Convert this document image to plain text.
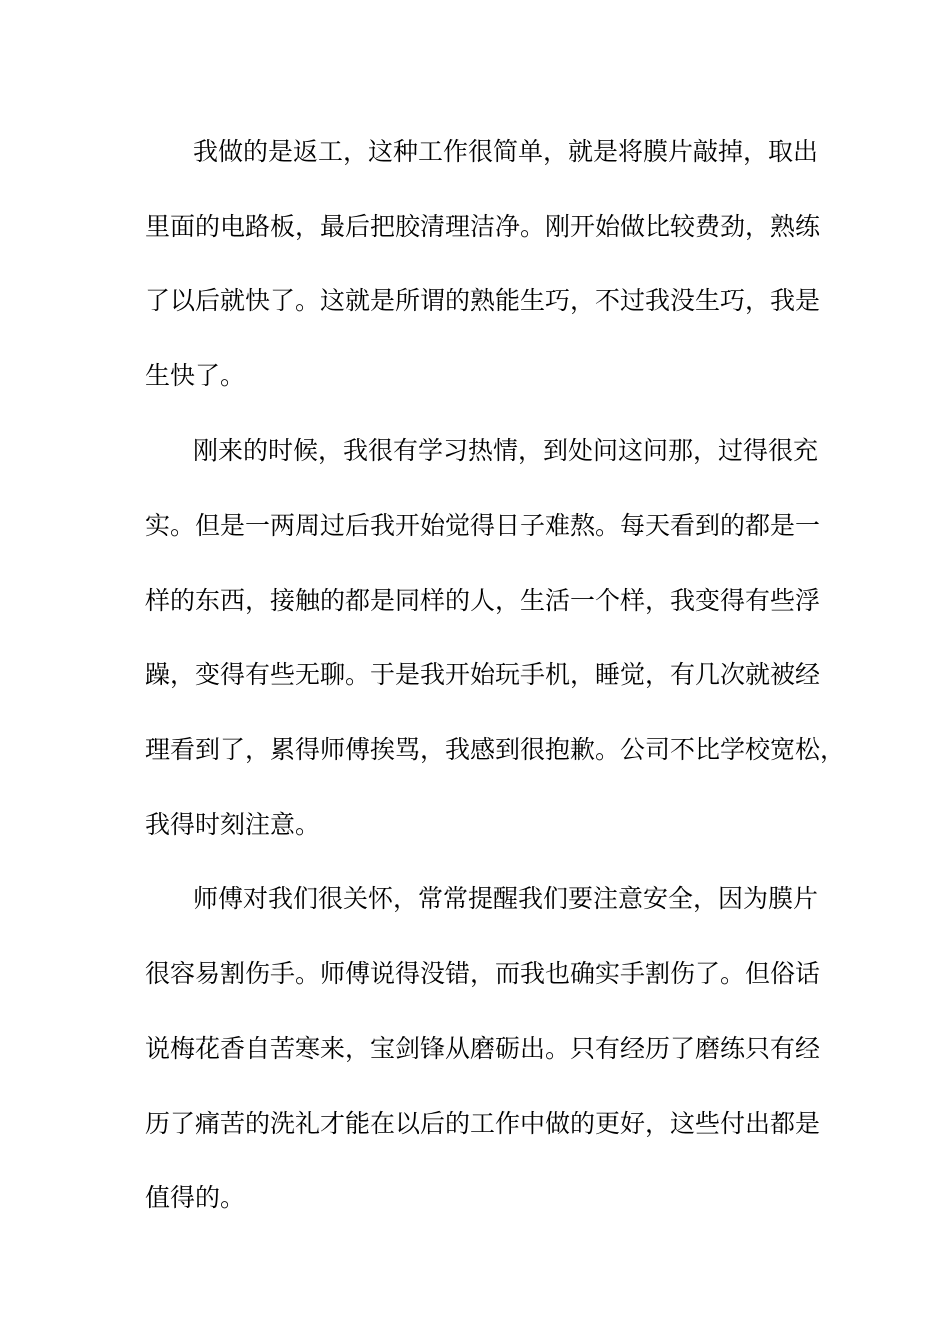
我做的是返工，这种工作很简单，就是将膜片敲掉，取出
里面的电路板，最后把胶清理洁净。刚开始做比较费劲，熟练
了以后就快了。这就是所谓的熟能生巧，不过我没生巧，我是
生快了。
刚来的时候，我很有学习热情，到处问这问那，过得很充
实。但是一两周过后我开始觉得日子难熬。每天看到的都是一
样的东西，接触的都是同样的人，生活一个样，我变得有些浮
躁，变得有些无聊。于是我开始玩手机，睡觉，有几次就被经
理看到了，累得师傅挨骂，我感到很抱歉。公司不比学校宽松，
我得时刻注意。
师傅对我们很关怀，常常提醒我们要注意安全，因为膜片
很容易割伤手。师傅说得没错，而我也确实手割伤了。但俗话
说梅花香自苦寒来，宝剑锋从磨砺出。只有经历了磨练只有经
历了痛苦的洗礼才能在以后的工作中做的更好，这些付出都是
值得的。
